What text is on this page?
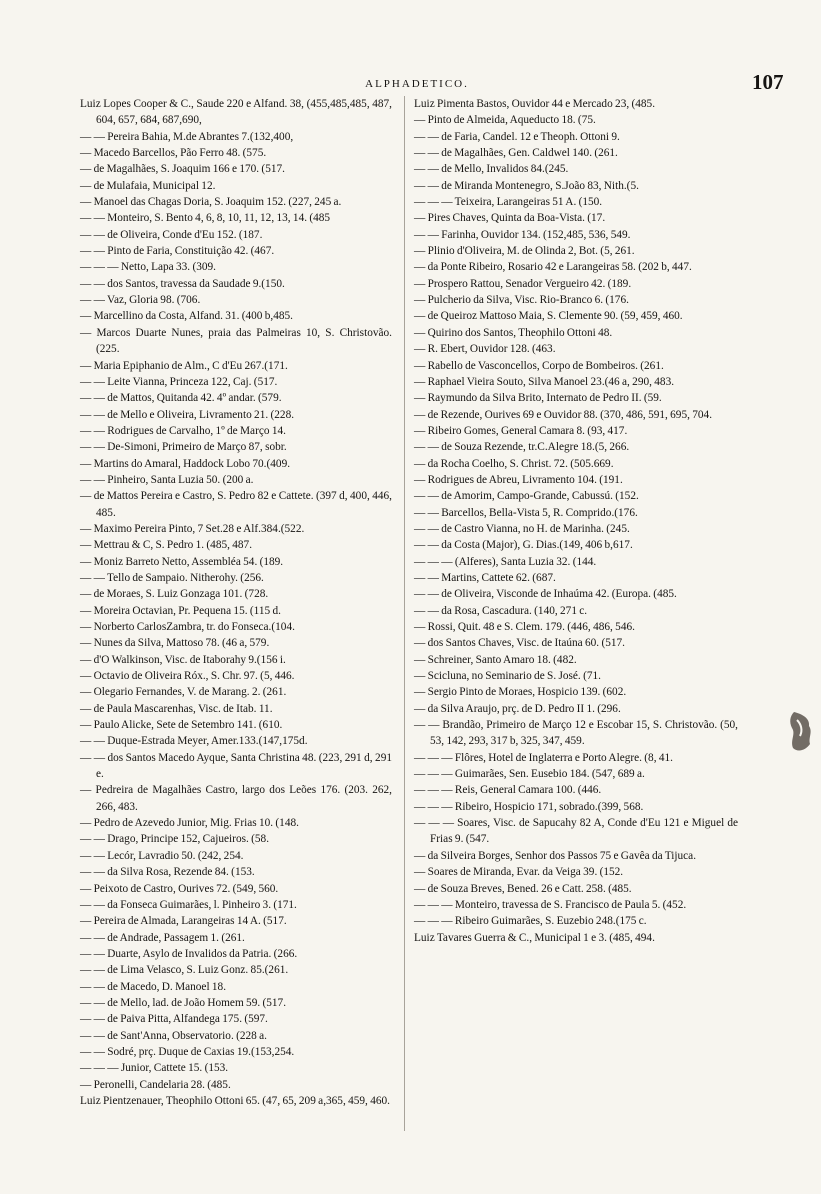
ALPHADETICO.	107
Luiz Lopes Cooper & C., Saude 220 e Alfand. 38, (455,485,485, 487, 604, 657, 684, 687,690,
— — Pereira Bahia, M.de Abrantes 7.(132,400,
— Macedo Barcellos, Pão Ferro 48. (575.
— de Magalhães, S. Joaquim 166 e 170. (517.
— de Mulafaia, Municipal 12.
— Manoel das Chagas Doria, S. Joaquim 152. (227, 245 a.
— — Monteiro, S. Bento 4, 6, 8, 10, 11, 12, 13, 14. (485
— — de Oliveira, Conde d'Eu 152. (187.
— — Pinto de Faria, Constituição 42. (467.
— — — Netto, Lapa 33. (309.
— — dos Santos, travessa da Saudade 9.(150.
— — Vaz, Gloria 98. (706.
— Marcellino da Costa, Alfand. 31. (400 b,485.
— Marcos Duarte Nunes, praia das Palmeiras 10, S. Christovão. (225.
— Maria Epiphanio de Alm., C d'Eu 267.(171.
— — Leite Vianna, Princeza 122, Caj. (517.
— — de Mattos, Quitanda 42. 4º andar. (579.
— — de Mello e Oliveira, Livramento 21. (228.
— — Rodrigues de Carvalho, 1º de Março 14.
— — De-Simoni, Primeiro de Março 87, sobr.
— Martins do Amaral, Haddock Lobo 70.(409.
— — Pinheiro, Santa Luzia 50. (200 a.
— de Mattos Pereira e Castro, S. Pedro 82 e Cattete. (397 d, 400, 446, 485.
— Maximo Pereira Pinto, 7 Set.28 e Alf.384.(522.
— Mettrau & C, S. Pedro 1. (485, 487.
— Moniz Barreto Netto, Assembléa 54. (189.
— — Tello de Sampaio. Nitherohy. (256.
— de Moraes, S. Luiz Gonzaga 101. (728.
— Moreira Octavian, Pr. Pequena 15. (115 d.
— Norberto CarlosZambra, tr. do Fonseca.(104.
— Nunes da Silva, Mattoso 78. (46 a, 579.
— d'O Walkinson, Visc. de Itaborahy 9.(156 i.
— Octavio de Oliveira Róx., S. Chr. 97. (5, 446.
— Olegario Fernandes, V. de Marang. 2. (261.
— de Paula Mascarenhas, Visc. de Itab. 11.
— Paulo Alicke, Sete de Setembro 141. (610.
— — Duque-Estrada Meyer, Amer.133.(147,175d.
— — dos Santos Macedo Ayque, Santa Christina 48. (223, 291 d, 291 e.
— Pedreira de Magalhães Castro, largo dos Leões 176. (203. 262, 266, 483.
— Pedro de Azevedo Junior, Mig. Frias 10. (148.
— — Drago, Principe 152, Cajueiros. (58.
— — Lecór, Lavradio 50. (242, 254.
— — da Silva Rosa, Rezende 84. (153.
— Peixoto de Castro, Ourives 72. (549, 560.
— — da Fonseca Guimarães, l. Pinheiro 3. (171.
— Pereira de Almada, Larangeiras 14 A. (517.
— — de Andrade, Passagem 1. (261.
— — Duarte, Asylo de Invalidos da Patria. (266.
— — de Lima Velasco, S. Luiz Gonz. 85.(261.
— — de Macedo, D. Manoel 18.
— — de Mello, lad. de João Homem 59. (517.
— — de Paiva Pitta, Alfandega 175. (597.
— — de Sant'Anna, Observatorio. (228 a.
— — Sodré, prç. Duque de Caxias 19.(153,254.
— — — Junior, Cattete 15. (153.
— Peronelli, Candelaria 28. (485.
Luiz Pientzenauer, Theophilo Ottoni 65. (47, 65, 209 a,365, 459, 460.
Luiz Pimenta Bastos, Ouvidor 44 e Mercado 23, (485.
— Pinto de Almeida, Aqueducto 18. (75.
— — de Faria, Candel. 12 e Theoph. Ottoni 9.
— — de Magalhães, Gen. Caldwel 140. (261.
— — de Mello, Invalidos 84.(245.
— — de Miranda Montenegro, S.João 83, Nith.(5.
— — — Teixeira, Larangeiras 51 A. (150.
— Pires Chaves, Quinta da Boa-Vista. (17.
— — Farinha, Ouvidor 134. (152,485, 536, 549.
— Plinio d'Oliveira, M. de Olinda 2, Bot. (5, 261.
— da Ponte Ribeiro, Rosario 42 e Larangeiras 58. (202 b, 447.
— Prospero Rattou, Senador Vergueiro 42. (189.
— Pulcherio da Silva, Visc. Rio-Branco 6. (176.
— de Queiroz Mattoso Maia, S. Clemente 90. (59, 459, 460.
— Quirino dos Santos, Theophilo Ottoni 48.
— R. Ebert, Ouvidor 128. (463.
— Rabello de Vasconcellos, Corpo de Bombeiros. (261.
— Raphael Vieira Souto, Silva Manoel 23.(46 a, 290, 483.
— Raymundo da Silva Brito, Internato de Pedro II. (59.
— de Rezende, Ourives 69 e Ouvidor 88. (370, 486, 591, 695, 704.
— Ribeiro Gomes, General Camara 8. (93, 417.
— — de Souza Rezende, tr.C.Alegre 18.(5, 266.
— da Rocha Coelho, S. Christ. 72. (505.669.
— Rodrigues de Abreu, Livramento 104. (191.
— — de Amorim, Campo-Grande, Cabussú. (152.
— — Barcellos, Bella-Vista 5, R. Comprido.(176.
— — de Castro Vianna, no H. de Marinha. (245.
— — da Costa (Major), G. Dias.(149, 406 b,617.
— — — (Alferes), Santa Luzia 32. (144.
— — Martins, Cattete 62. (687.
— — de Oliveira, Visconde de Inhaúma 42. (Europa. (485.
— — da Rosa, Cascadura. (140, 271 c.
— Rossi, Quit. 48 e S. Clem. 179. (446, 486, 546.
— dos Santos Chaves, Visc. de Itaúna 60. (517.
— Schreiner, Santo Amaro 18. (482.
— Scicluna, no Seminario de S. José. (71.
— Sergio Pinto de Moraes, Hospicio 139. (602.
— da Silva Araujo, prç. de D. Pedro II 1. (296.
— — Brandão, Primeiro de Março 12 e Escobar 15, S. Christovão. (50, 53, 142, 293, 317 b, 325, 347, 459.
— — — Flôres, Hotel de Inglaterra e Porto Alegre. (8, 41.
— — — Guimarães, Sen. Eusebio 184. (547, 689 a.
— — — Reis, General Camara 100. (446.
— — — Ribeiro, Hospicio 171, sobrado.(399, 568.
— — — Soares, Visc. de Sapucahy 82 A, Conde d'Eu 121 e Miguel de Frias 9. (547.
— da Silveira Borges, Senhor dos Passos 75 e Gavêa da Tijuca.
— Soares de Miranda, Evar. da Veiga 39. (152.
— de Souza Breves, Bened. 26 e Catt. 258. (485.
— — — Monteiro, travessa de S. Francisco de Paula 5. (452.
— — — Ribeiro Guimarães, S. Euzebio 248.(175 c.
Luiz Tavares Guerra & C., Municipal 1 e 3. (485, 494.
